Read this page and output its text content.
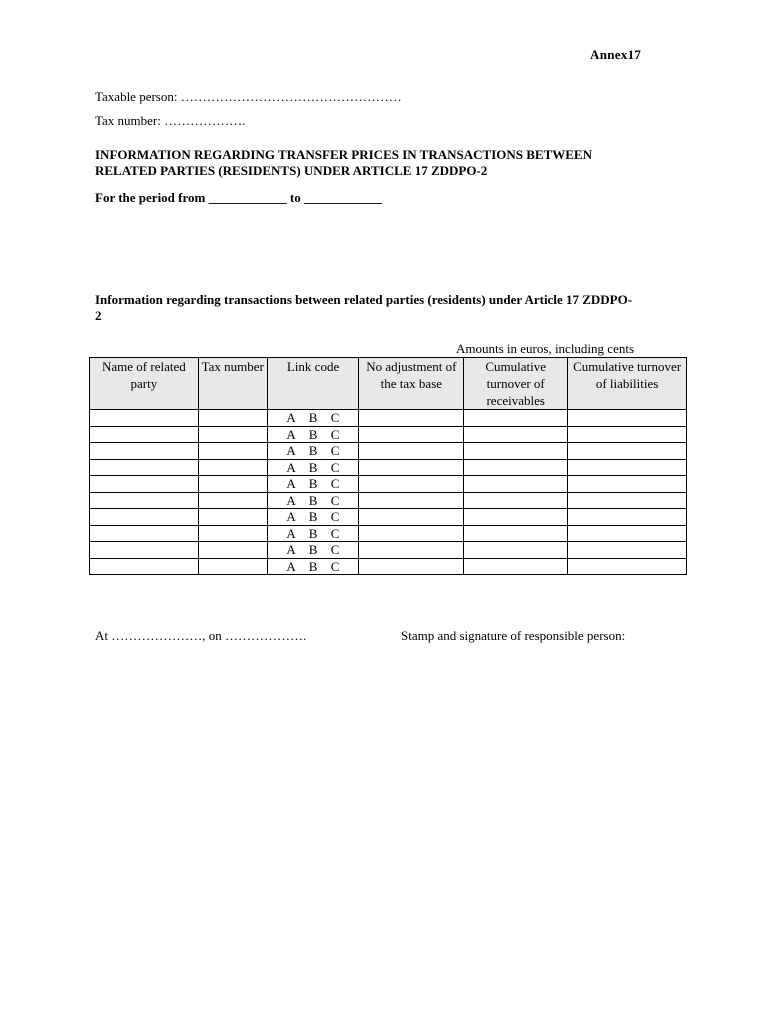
Annex17
Taxable person: ……………………………………………
Tax number: ……………….
INFORMATION REGARDING TRANSFER PRICES IN TRANSACTIONS BETWEEN RELATED PARTIES (RESIDENTS) UNDER ARTICLE 17 ZDDPO-2
For the period from ____________ to ____________
Information regarding transactions between related parties (residents) under Article 17 ZDDPO-2
Amounts in euros, including cents
Name of related party	Tax number	Link code	No adjustment of the tax base	Cumulative turnover of receivables	Cumulative turnover of liabilities
		A B C			
		A B C			
		A B C			
		A B C			
		A B C			
		A B C			
		A B C			
		A B C			
		A B C			
		A B C			
At …………………, on ……………….	Stamp and signature of responsible person:
